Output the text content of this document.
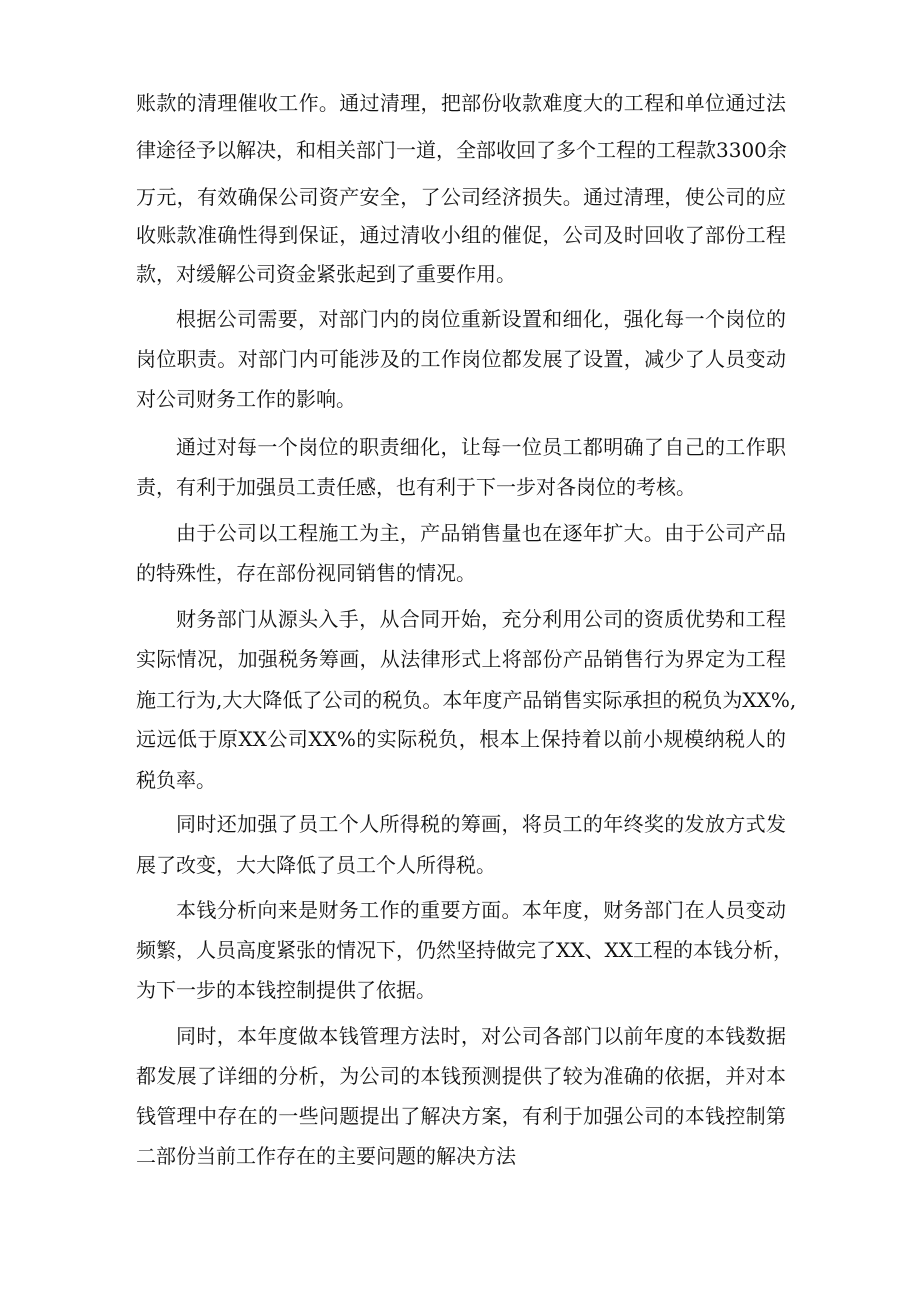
账款的清理催收工作。通过清理，把部份收款难度大的工程和单位通过法
律途径予以解决，和相关部门一道，全部收回了多个工程的工程款3300余
万元，有效确保公司资产安全，了公司经济损失。通过清理，使公司的应
收账款准确性得到保证，通过清收小组的催促，公司及时回收了部份工程
款，对缓解公司资金紧张起到了重要作用。
根据公司需要，对部门内的岗位重新设置和细化，强化每一个岗位的
岗位职责。对部门内可能涉及的工作岗位都发展了设置，减少了人员变动
对公司财务工作的影响。
通过对每一个岗位的职责细化，让每一位员工都明确了自己的工作职
责，有利于加强员工责任感，也有利于下一步对各岗位的考核。
由于公司以工程施工为主，产品销售量也在逐年扩大。由于公司产品
的特殊性，存在部份视同销售的情况。
财务部门从源头入手，从合同开始，充分利用公司的资质优势和工程
实际情况，加强税务筹画，从法律形式上将部份产品销售行为界定为工程
施工行为,大大降低了公司的税负。本年度产品销售实际承担的税负为XX%,
远远低于原XX公司XX%的实际税负，根本上保持着以前小规模纳税人的
税负率。
同时还加强了员工个人所得税的筹画，将员工的年终奖的发放方式发
展了改变，大大降低了员工个人所得税。
本钱分析向来是财务工作的重要方面。本年度，财务部门在人员变动
频繁，人员高度紧张的情况下，仍然坚持做完了XX、XX工程的本钱分析，
为下一步的本钱控制提供了依据。
同时，本年度做本钱管理方法时，对公司各部门以前年度的本钱数据
都发展了详细的分析，为公司的本钱预测提供了较为准确的依据，并对本
钱管理中存在的一些问题提出了解决方案，有利于加强公司的本钱控制第
二部份当前工作存在的主要问题的解决方法
